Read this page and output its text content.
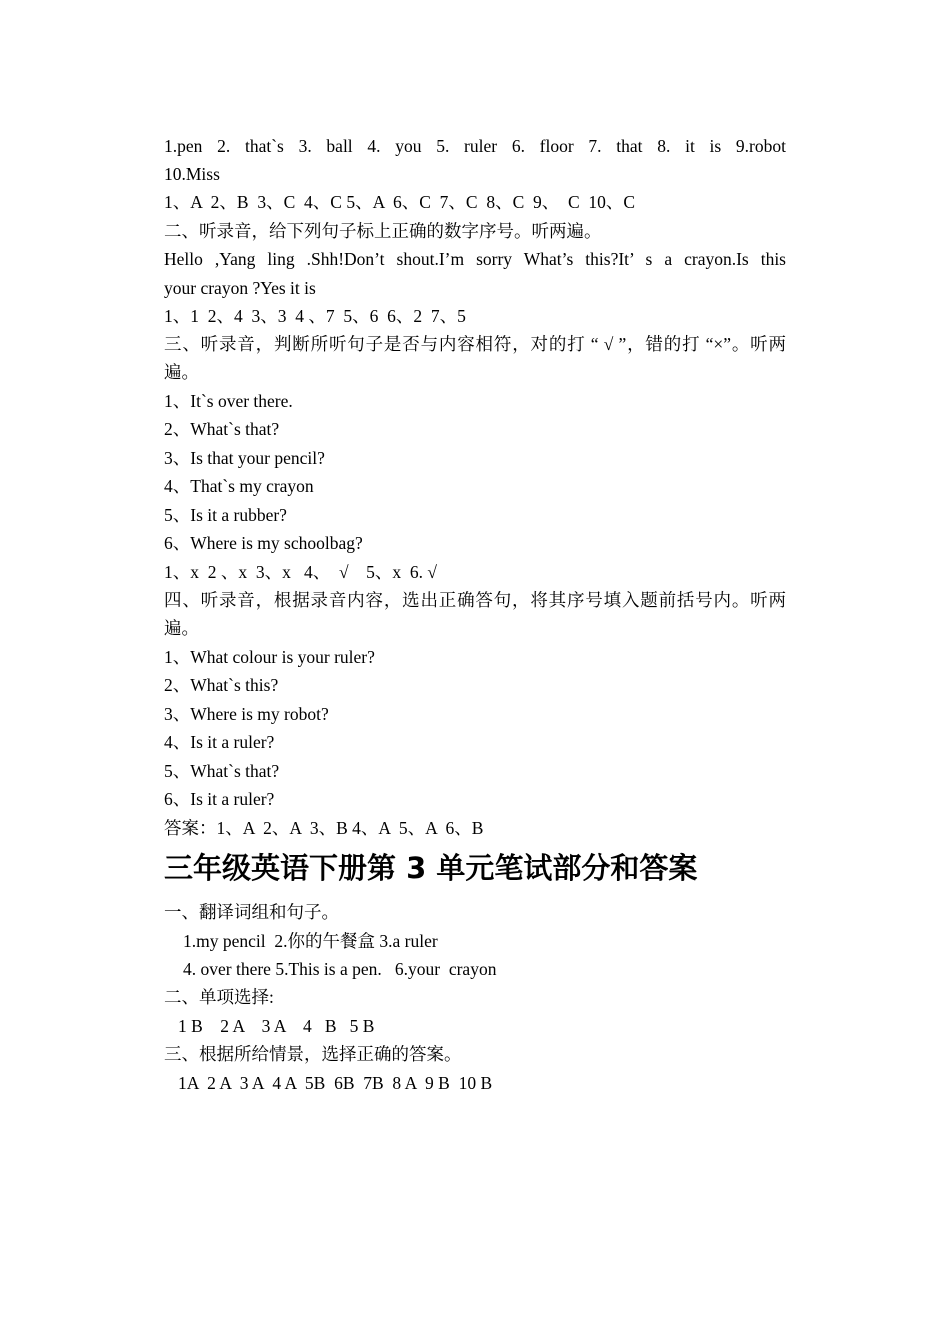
1.pen 2. that`s 3. ball 4. you 5. ruler 6. floor 7. that 8. it is 9.robot
10.Miss
1、A  2、B  3、C  4、C 5、A  6、C  7、C  8、C  9、  C  10、C
二、听录音，给下列句子标上正确的数字序号。听两遍。
Hello ,Yang ling .Shh!Don’t shout.I’m sorry What’s this?It’ s a crayon.Is this
your crayon ?Yes it is
1、1  2、4  3、3  4 、7  5、6  6、2  7、5
三、听录音，判断所听句子是否与内容相符，对的打 “ √ ”，错的打 “×”。听两
遍。
1、It`s over there.
2、What`s that?
3、Is that your pencil?
4、That`s my crayon
5、Is it a rubber?
6、Where is my schoolbag?
1、x  2 、x  3、x   4、  √    5、x  6. √
四、听录音，根据录音内容，选出正确答句，将其序号填入题前括号内。听两
遍。
1、What colour is your ruler?
2、What`s this?
3、Where is my robot?
4、Is it a ruler?
5、What`s that?
6、Is it a ruler?
答案：1、A  2、A  3、B 4、A  5、A  6、B
三年级英语下册第 3 单元笔试部分和答案
一、翻译词组和句子。
1.my pencil  2.你的午餐盒 3.a ruler
4. over there 5.This is a pen.   6.your  crayon
二、单项选择:
1 B    2 A    3 A    4   B   5 B
三、根据所给情景，选择正确的答案。
1A  2 A  3 A  4 A  5B  6B  7B  8 A  9 B  10 B
